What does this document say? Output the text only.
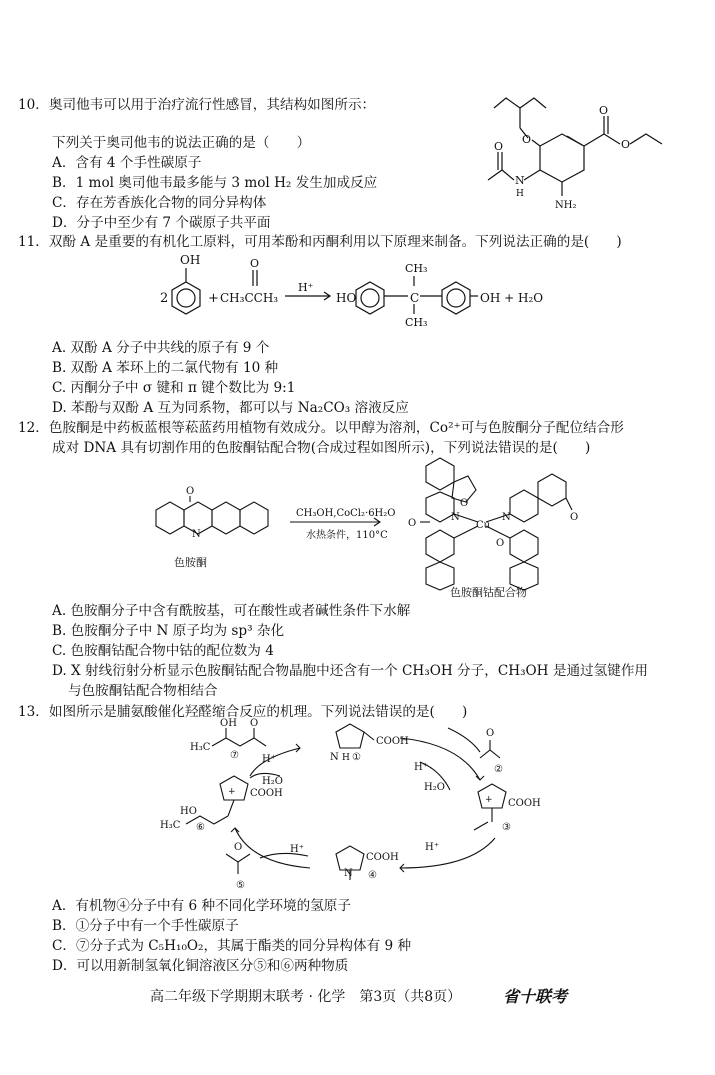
10．奥司他韦可以用于治疗流行性感冒，其结构如图所示：
下列关于奥司他韦的说法正确的是（　　）
A．含有 4 个手性碳原子
B．1 mol 奥司他韦最多能与 3 mol H₂ 发生加成反应
C．存在芳香族化合物的同分异构体
D．分子中至少有 7 个碳原子共平面
O
O
O
O
N
H
NH₂
11．双酚 A 是重要的有机化工原料，可用苯酚和丙酮利用以下原理来制备。下列说法正确的是(　　)
OH
2	+ CH₃CCH₃
O
H⁺
HO	C
CH₃
CH₃
OH + H₂O
A. 双酚 A 分子中共线的原子有 9 个
B. 双酚 A 苯环上的二氯代物有 10 种
C. 丙酮分子中 σ 键和 π 键个数比为 9:1
D. 苯酚与双酚 A 互为同系物，都可以与 Na₂CO₃ 溶液反应
12．色胺酮是中药板蓝根等菘蓝药用植物有效成分。以甲醇为溶剂，Co²⁺可与色胺酮分子配位结合形
成对 DNA 具有切割作用的色胺酮钴配合物(合成过程如图所示)，下列说法错误的是(　　)
O
N
色胺酮
CH₃OH,CoCl₂·6H₂O
水热条件，110°C
O
N
Cu
N
O
O
O
色胺酮钴配合物
A. 色胺酮分子中含有酰胺基，可在酸性或者碱性条件下水解
B. 色胺酮分子中 N 原子均为 sp³ 杂化
C. 色胺酮钴配合物中钴的配位数为 4
D. X 射线衍射分析显示色胺酮钴配合物晶胞中还含有一个 CH₃OH 分子，CH₃OH 是通过氢键作用
与色胺酮钴配合物相结合
13．如图所示是脯氨酸催化羟醛缩合反应的机理。下列说法错误的是(　　)
H₃C
OH O
⑦	N H ①
COOH
O
②
H⁺
H₂O
+ COOH
③
H⁺
N
COOH
④
H⁺
O
⑤
+ COOH
HO
H₃C ⑥
H⁺
H₂O
A．有机物④分子中有 6 种不同化学环境的氢原子
B．①分子中有一个手性碳原子
C．⑦分子式为 C₅H₁₀O₂，其属于酯类的同分异构体有 9 种
D．可以用新制氢氧化铜溶液区分⑤和⑥两种物质
高二年级下学期期末联考 · 化学　第3页（共8页）	省十联考
